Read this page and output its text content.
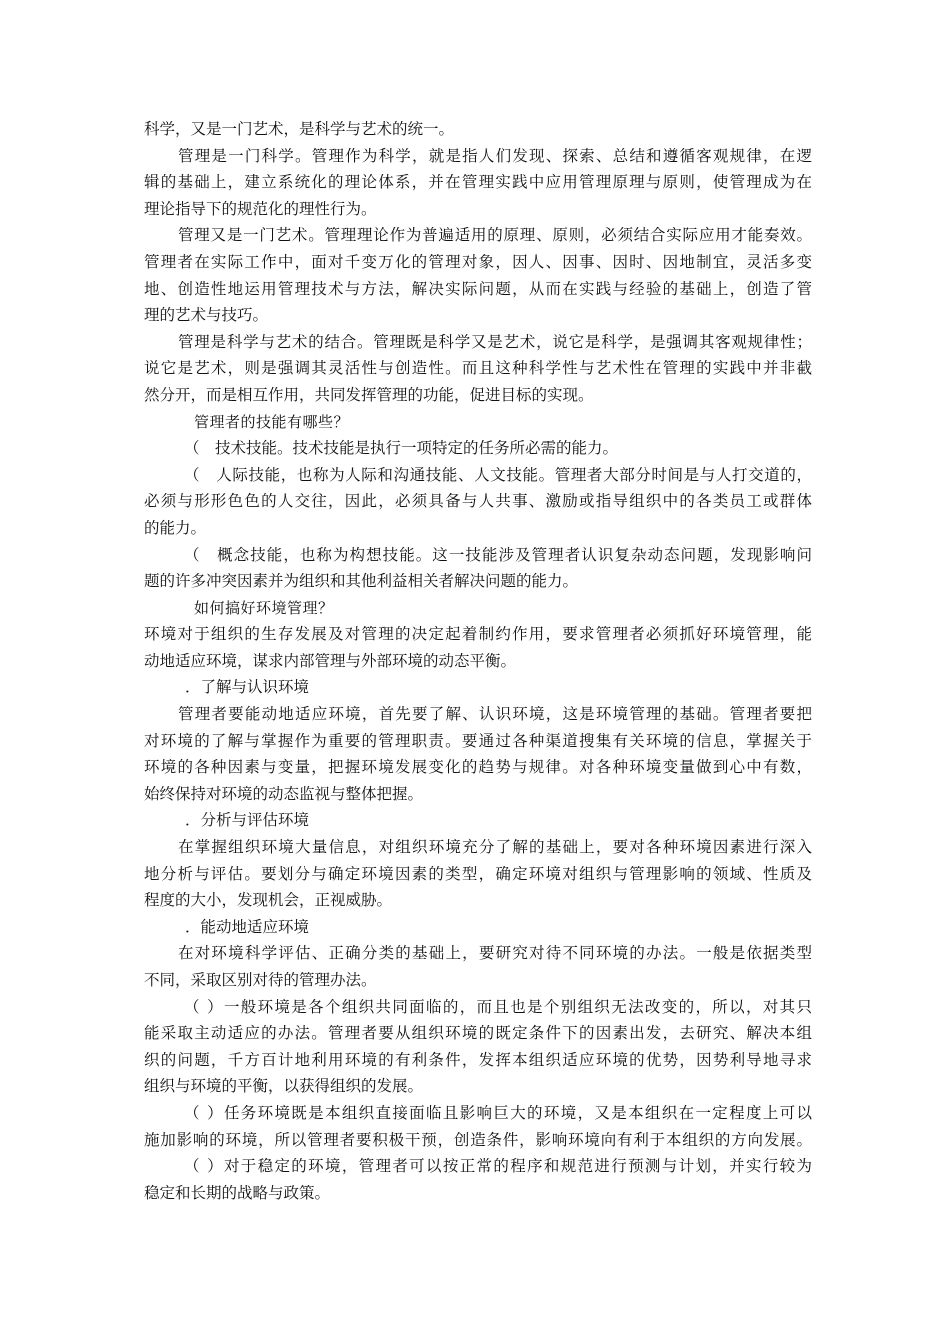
科学，又是一门艺术，是科学与艺术的统一。
管理是一门科学。管理作为科学，就是指人们发现、探索、总结和遵循客观规律，在逻
辑的基础上，建立系统化的理论体系，并在管理实践中应用管理原理与原则，使管理成为在
理论指导下的规范化的理性行为。
管理又是一门艺术。管理理论作为普遍适用的原理、原则，必须结合实际应用才能奏效。
管理者在实际工作中，面对千变万化的管理对象，因人、因事、因时、因地制宜，灵活多变
地、创造性地运用管理技术与方法，解决实际问题，从而在实践与经验的基础上，创造了管
理的艺术与技巧。
管理是科学与艺术的结合。管理既是科学又是艺术，说它是科学，是强调其客观规律性；
说它是艺术，则是强调其灵活性与创造性。而且这种科学性与艺术性在管理的实践中并非截
然分开，而是相互作用，共同发挥管理的功能，促进目标的实现。
管理者的技能有哪些？
（　技术技能。技术技能是执行一项特定的任务所必需的能力。
（　人际技能，也称为人际和沟通技能、人文技能。管理者大部分时间是与人打交道的，
必须与形形色色的人交往，因此，必须具备与人共事、激励或指导组织中的各类员工或群体
的能力。
（　概念技能，也称为构想技能。这一技能涉及管理者认识复杂动态问题，发现影响问
题的许多冲突因素并为组织和其他利益相关者解决问题的能力。
如何搞好环境管理？
环境对于组织的生存发展及对管理的决定起着制约作用，要求管理者必须抓好环境管理，能
动地适应环境，谋求内部管理与外部环境的动态平衡。
．了解与认识环境
管理者要能动地适应环境，首先要了解、认识环境，这是环境管理的基础。管理者要把
对环境的了解与掌握作为重要的管理职责。要通过各种渠道搜集有关环境的信息，掌握关于
环境的各种因素与变量，把握环境发展变化的趋势与规律。对各种环境变量做到心中有数，
始终保持对环境的动态监视与整体把握。
．分析与评估环境
在掌握组织环境大量信息，对组织环境充分了解的基础上，要对各种环境因素进行深入
地分析与评估。要划分与确定环境因素的类型，确定环境对组织与管理影响的领域、性质及
程度的大小，发现机会，正视威胁。
．能动地适应环境
在对环境科学评估、正确分类的基础上，要研究对待不同环境的办法。一般是依据类型
不同，采取区别对待的管理办法。
（ ）一般环境是各个组织共同面临的，而且也是个别组织无法改变的，所以，对其只
能采取主动适应的办法。管理者要从组织环境的既定条件下的因素出发，去研究、解决本组
织的问题，千方百计地利用环境的有利条件，发挥本组织适应环境的优势，因势利导地寻求
组织与环境的平衡，以获得组织的发展。
（ ）任务环境既是本组织直接面临且影响巨大的环境，又是本组织在一定程度上可以
施加影响的环境，所以管理者要积极干预，创造条件，影响环境向有利于本组织的方向发展。
（ ）对于稳定的环境，管理者可以按正常的程序和规范进行预测与计划，并实行较为
稳定和长期的战略与政策。
